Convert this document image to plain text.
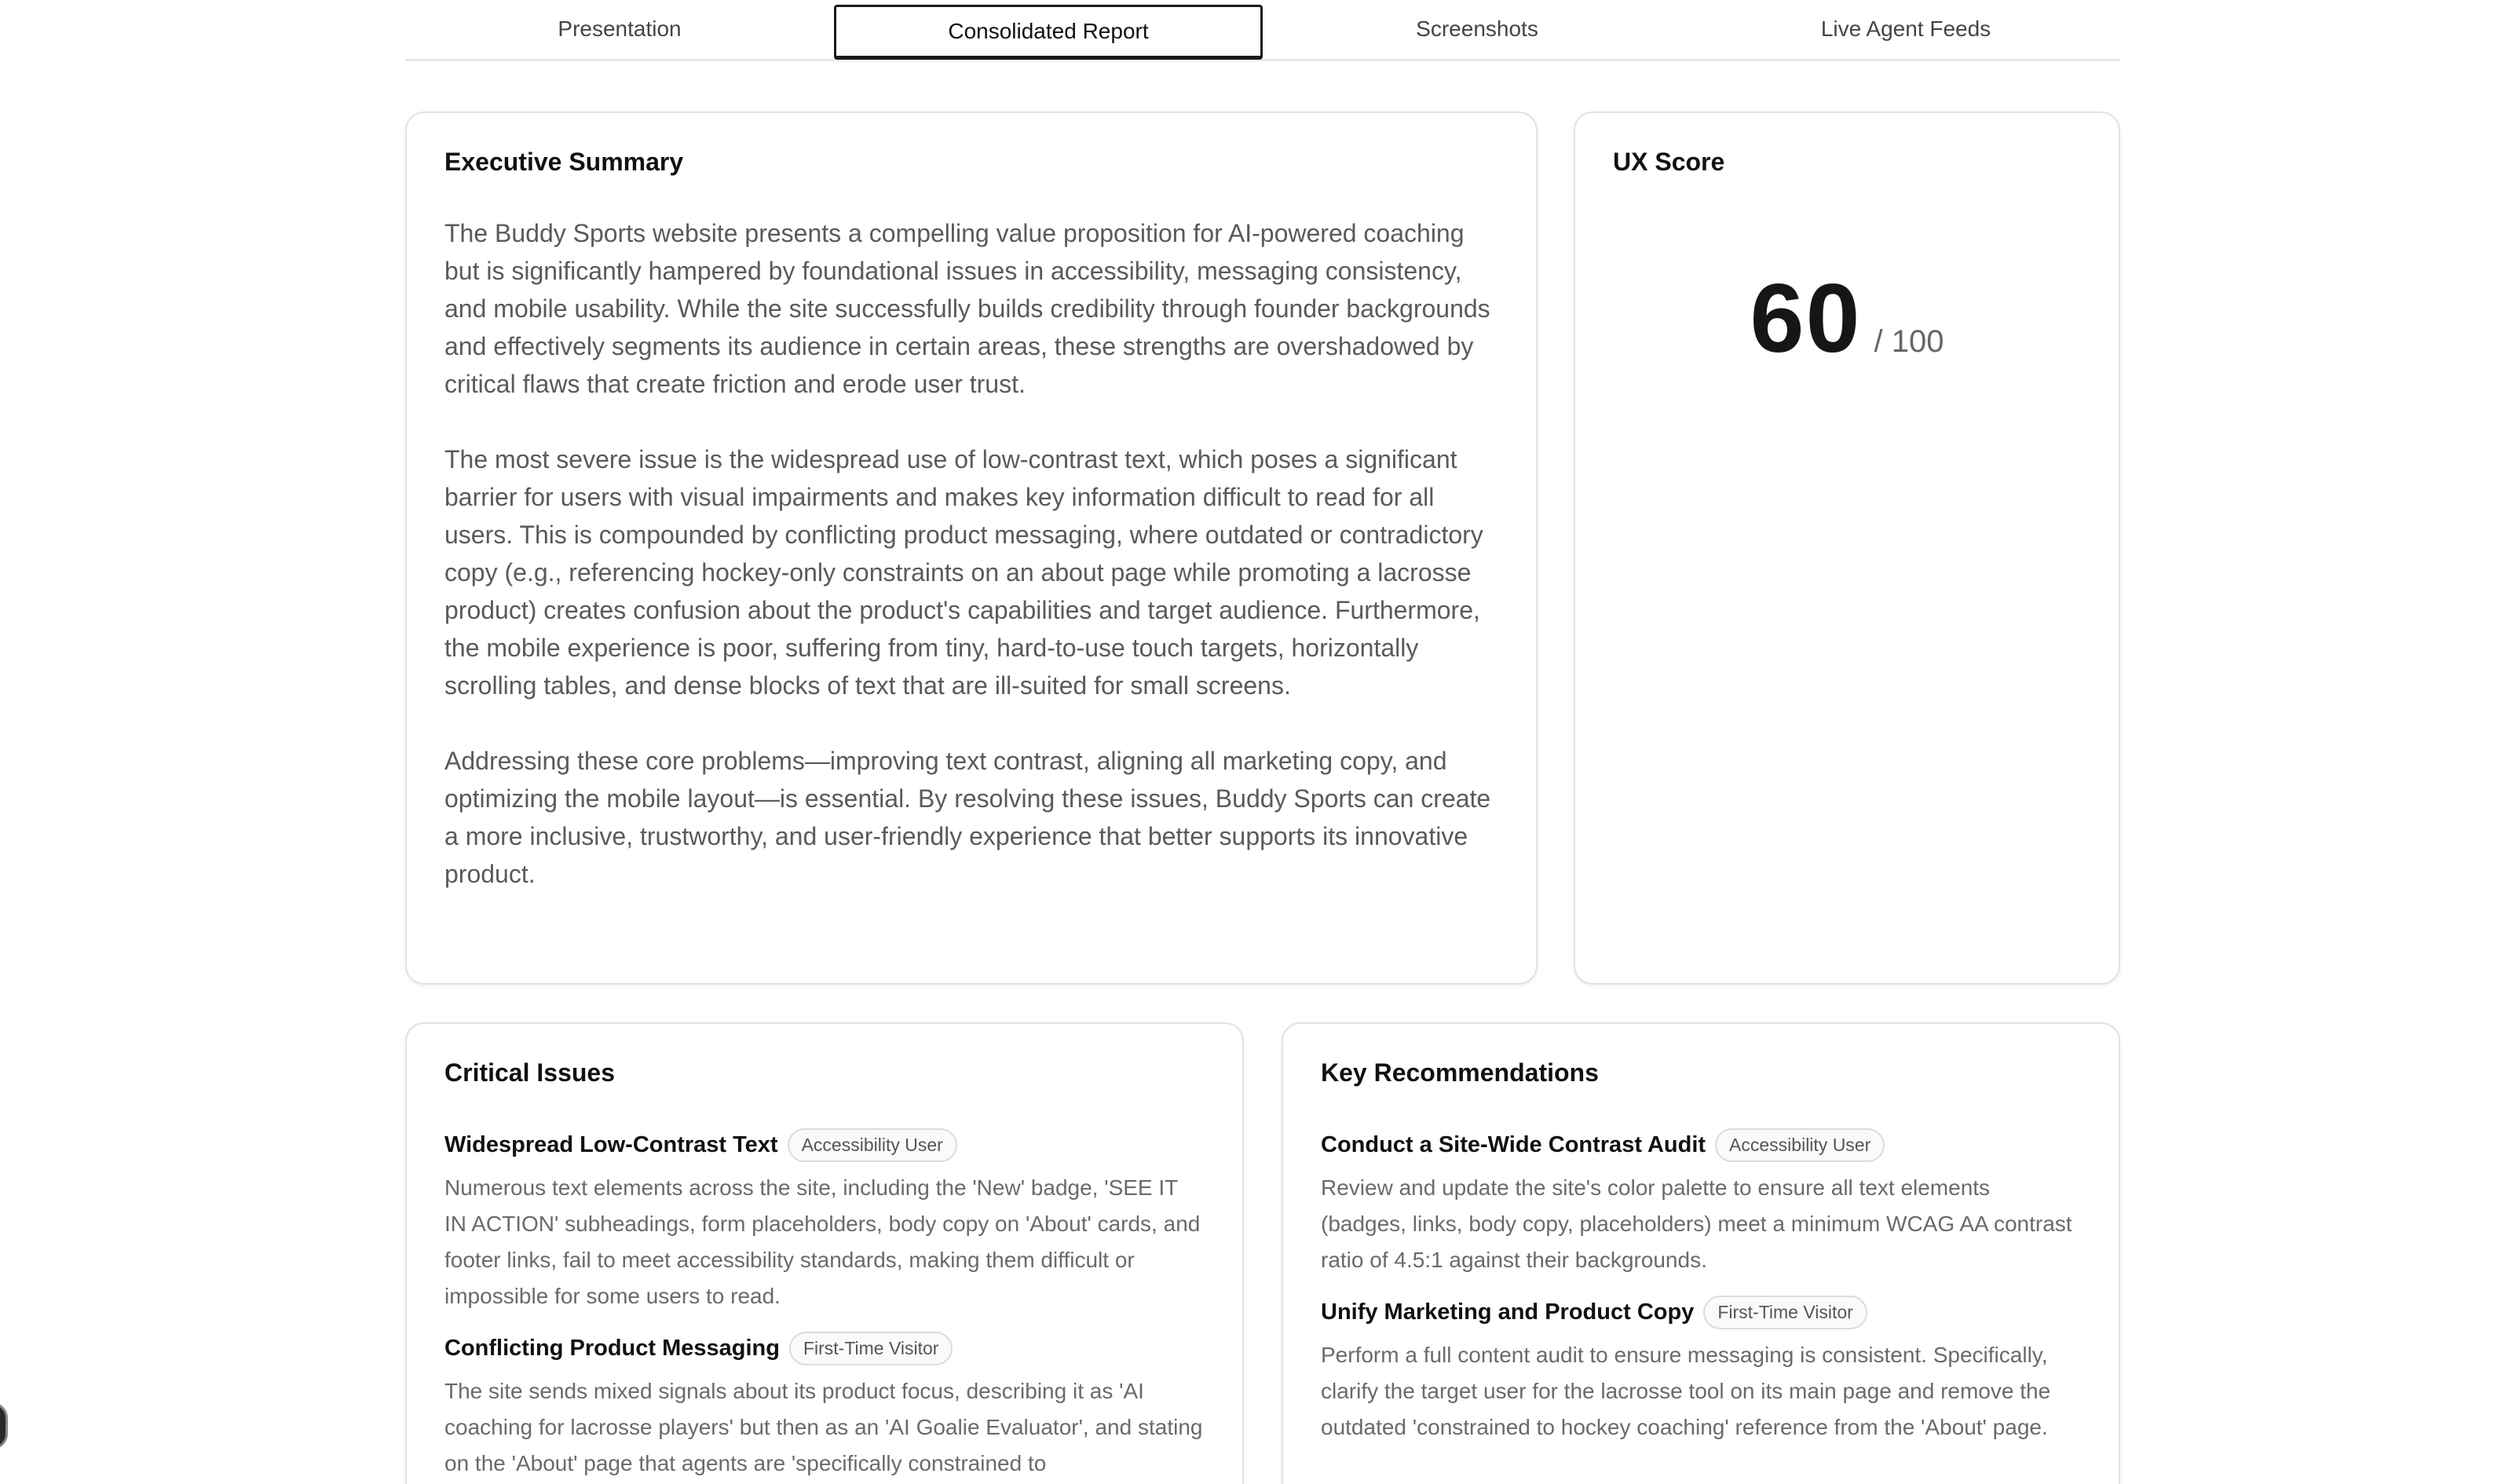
Presentation	Consolidated Report	Screenshots	Live Agent Feeds
Executive Summary

The Buddy Sports website presents a compelling value proposition for AI-powered coaching but is significantly hampered by foundational issues in accessibility, messaging consistency, and mobile usability. While the site successfully builds credibility through founder backgrounds and effectively segments its audience in certain areas, these strengths are overshadowed by critical flaws that create friction and erode user trust.

The most severe issue is the widespread use of low-contrast text, which poses a significant barrier for users with visual impairments and makes key information difficult to read for all users. This is compounded by conflicting product messaging, where outdated or contradictory copy (e.g., referencing hockey-only constraints on an about page while promoting a lacrosse product) creates confusion about the product's capabilities and target audience. Furthermore, the mobile experience is poor, suffering from tiny, hard-to-use touch targets, horizontally scrolling tables, and dense blocks of text that are ill-suited for small screens.

Addressing these core problems—improving text contrast, aligning all marketing copy, and optimizing the mobile layout—is essential. By resolving these issues, Buddy Sports can create a more inclusive, trustworthy, and user-friendly experience that better supports its innovative product.

UX Score
60 / 100
Critical Issues
Widespread Low-Contrast Text	Accessibility User

Numerous text elements across the site, including the 'New' badge, 'SEE IT IN ACTION' subheadings, form placeholders, body copy on 'About' cards, and footer links, fail to meet accessibility standards, making them difficult or impossible for some users to read.

Conflicting Product Messaging	First-Time Visitor

The site sends mixed signals about its product focus, describing it as 'AI coaching for lacrosse players' but then as an 'AI Goalie Evaluator', and stating on the 'About' page that agents are 'specifically constrained to

Key Recommendations
Conduct a Site-Wide Contrast Audit	Accessibility User

Review and update the site's color palette to ensure all text elements (badges, links, body copy, placeholders) meet a minimum WCAG AA contrast ratio of 4.5:1 against their backgrounds.

Unify Marketing and Product Copy	First-Time Visitor

Perform a full content audit to ensure messaging is consistent. Specifically, clarify the target user for the lacrosse tool on its main page and remove the outdated 'constrained to hockey coaching' reference from the 'About' page.
